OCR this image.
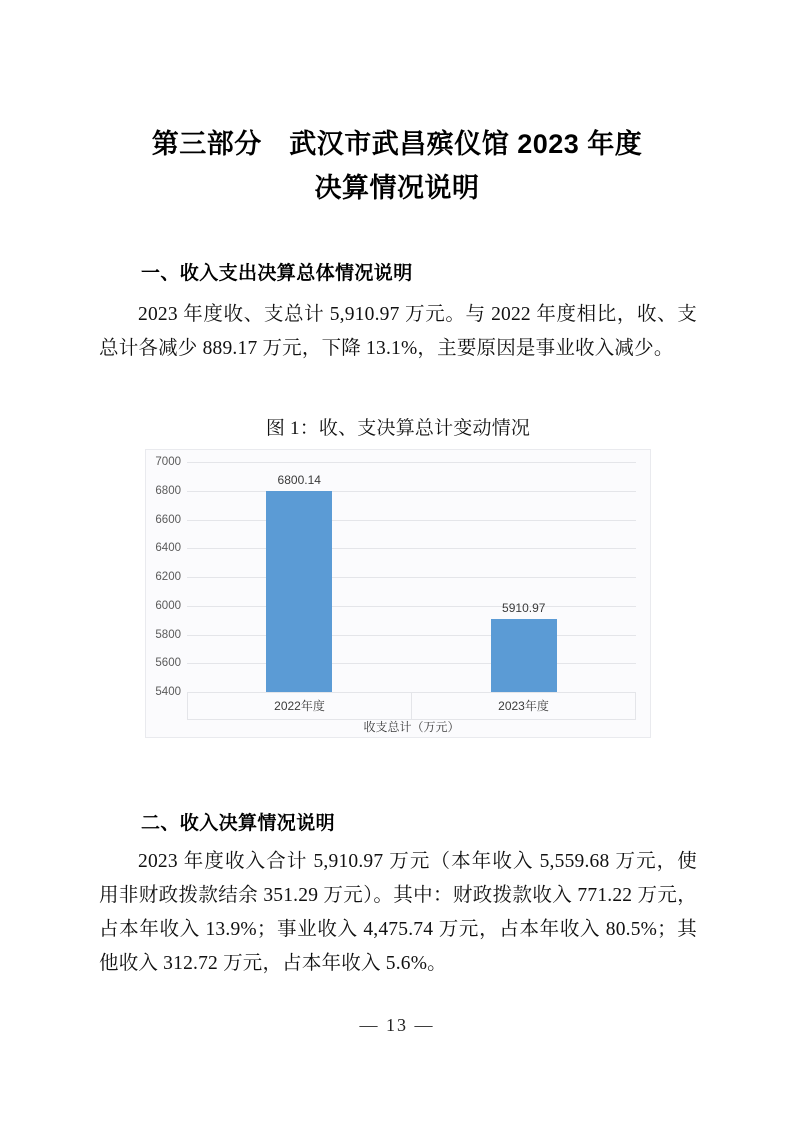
第三部分　武汉市武昌殡仪馆 2023 年度
决算情况说明
一、收入支出决算总体情况说明
2023 年度收、支总计 5,910.97 万元。与 2022 年度相比，收、支总计各减少 889.17 万元，下降 13.1%，主要原因是事业收入减少。
图 1：收、支决算总计变动情况
7000
6800
6600
6400
6200
6000
5800
5600
5400
6800.14
5910.97
2022年度	2023年度
收支总计（万元）
二、收入决算情况说明
2023 年度收入合计 5,910.97 万元（本年收入 5,559.68 万元，使用非财政拨款结余 351.29 万元）。其中：财政拨款收入 771.22 万元，占本年收入 13.9%；事业收入 4,475.74 万元，占本年收入 80.5%；其他收入 312.72 万元，占本年收入 5.6%。
— 13 —
